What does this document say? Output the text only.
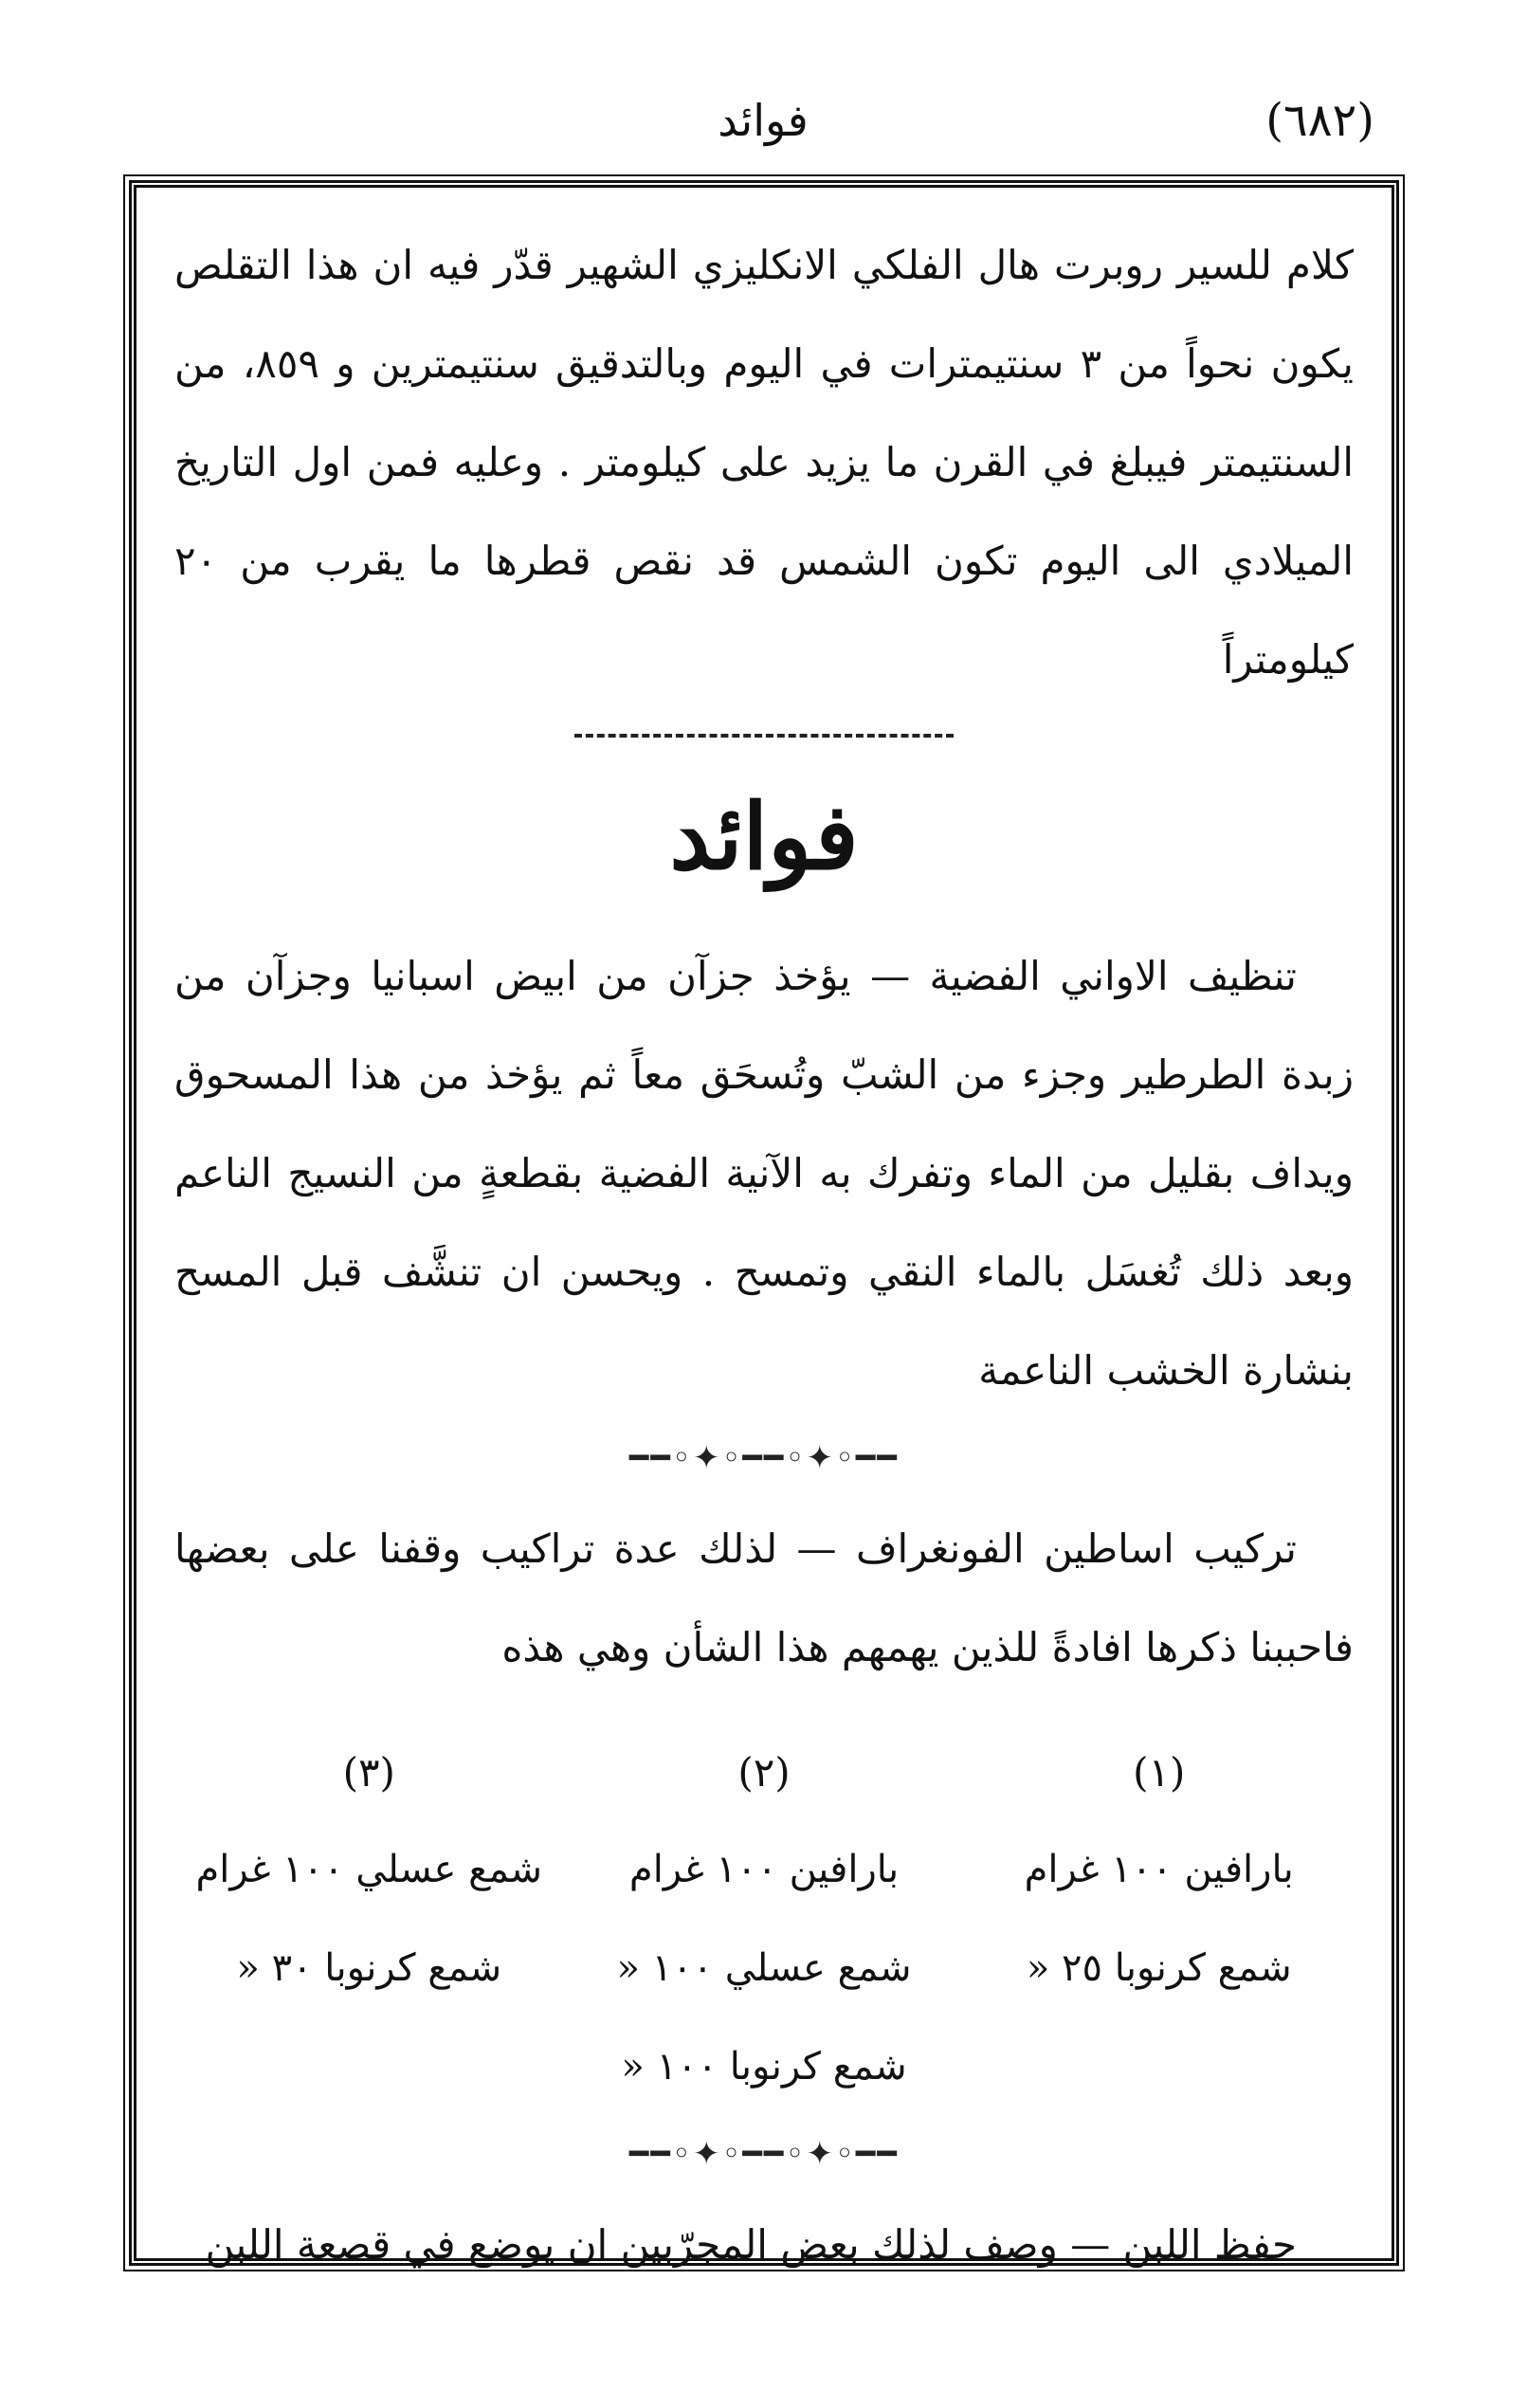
فوائد	(٦٨٢)

كلام للسير روبرت هال الفلكي الانكليزي الشهير قدّر فيه ان هذا التقلص يكون نحواً من ٣ سنتيمترات في اليوم وبالتدقيق سنتيمترين و ٨٥٩، من السنتيمتر فيبلغ في القرن ما يزيد على كيلومتر . وعليه فمن اول التاريخ الميلادي الى اليوم تكون الشمس قد نقص قطرها ما يقرب من ٢٠ كيلومتراً

فوائد

تنظيف الاواني الفضية — يؤخذ جزآن من ابيض اسبانيا وجزآن من زبدة الطرطير وجزء من الشبّ وتُسحَق معاً ثم يؤخذ من هذا المسحوق ويداف بقليل من الماء وتفرك به الآنية الفضية بقطعةٍ من النسيج الناعم وبعد ذلك تُغسَل بالماء النقي وتمسح . ويحسن ان تنشَّف قبل المسح بنشارة الخشب الناعمة

━━◦✦◦━━◦✦◦━━

تركيب اساطين الفونغراف — لذلك عدة تراكيب وقفنا على بعضها فاحببنا ذكرها افادةً للذين يهمهم هذا الشأن وهي هذه

(١)
(٢)
(٣)
بارافين ١٠٠ غرام
بارافين ١٠٠ غرام
شمع عسلي ١٠٠ غرام
شمع كرنوبا ٢٥ «
شمع عسلي ١٠٠ «
شمع كرنوبا ٣٠ «
شمع كرنوبا ١٠٠ «
━━◦✦◦━━◦✦◦━━

حفظ اللبن — وصف لذلك بعض المجرّبين ان يوضع في قصعة اللبن
